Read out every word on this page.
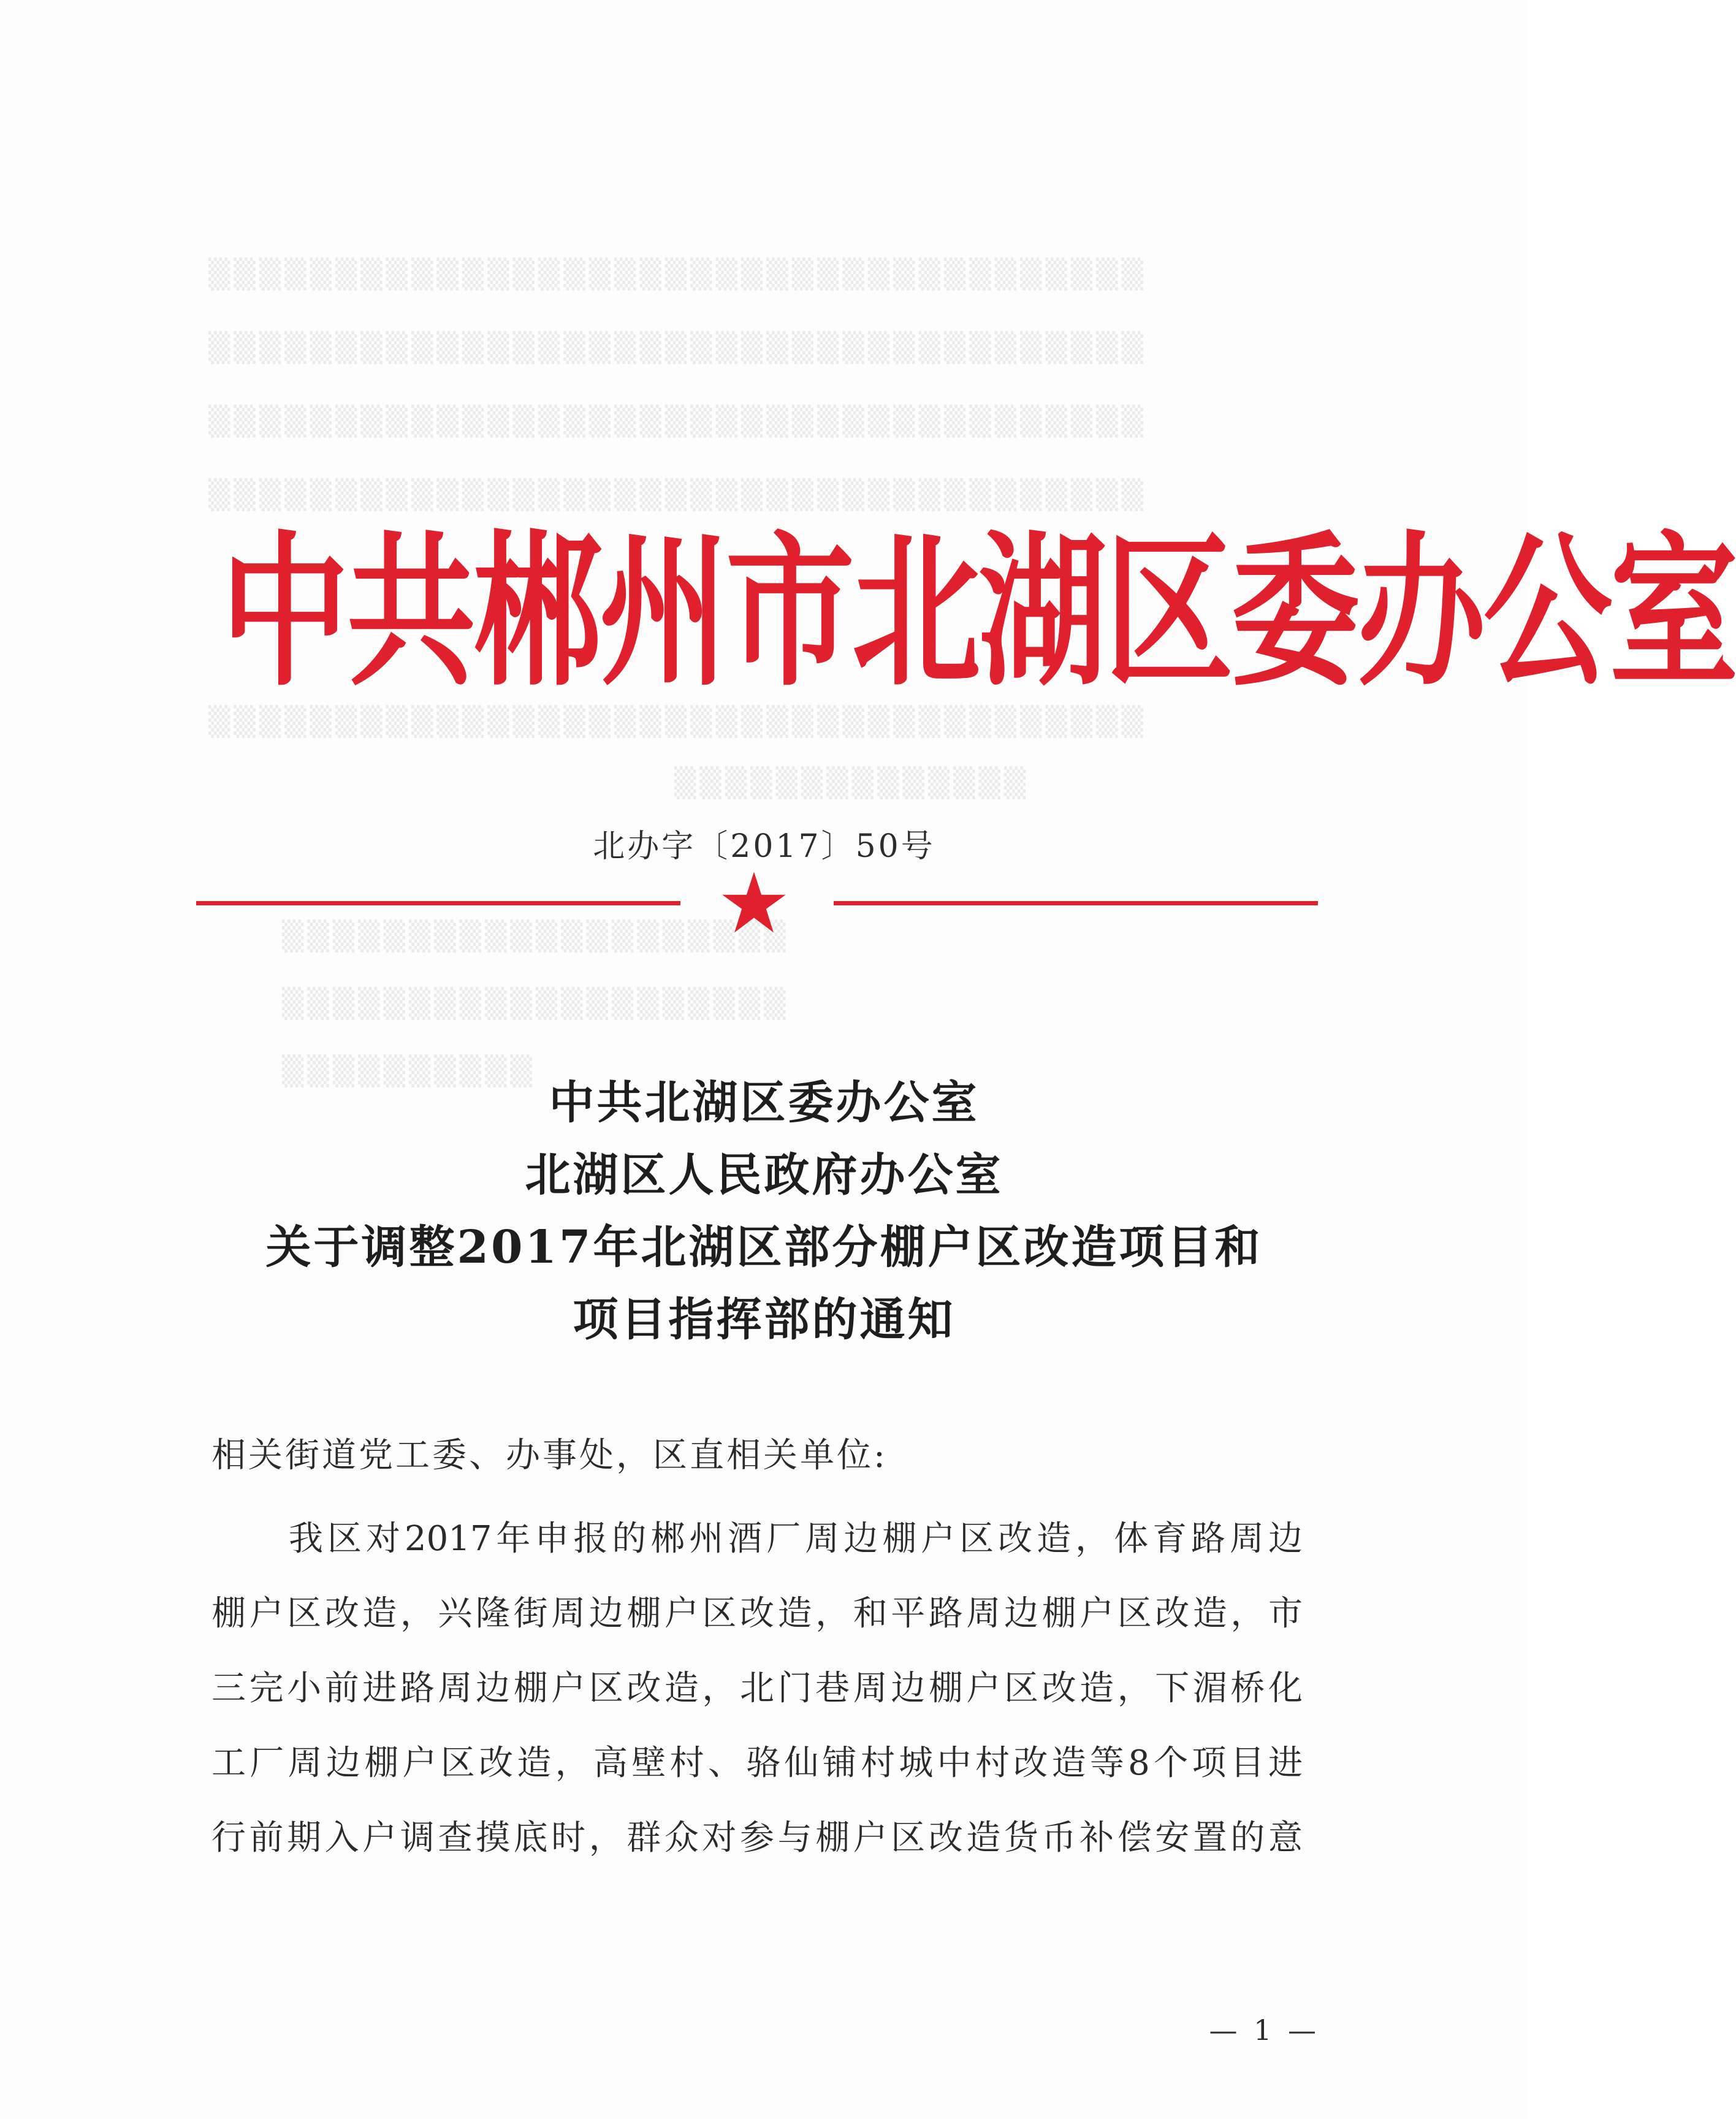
▒▒▒▒▒▒▒▒▒▒▒▒▒▒▒▒▒▒▒▒▒▒▒▒▒▒▒▒▒▒▒▒▒▒▒▒▒
▒▒▒▒▒▒▒▒▒▒▒▒▒▒▒▒▒▒▒▒▒▒▒▒▒▒▒▒▒▒▒▒▒▒▒▒▒
▒▒▒▒▒▒▒▒▒▒▒▒▒▒▒▒▒▒▒▒▒▒▒▒▒▒▒▒▒▒▒▒▒▒▒▒▒
▒▒▒▒▒▒▒▒▒▒▒▒▒▒▒▒▒▒▒▒▒▒▒▒▒▒▒▒▒▒▒▒▒▒▒▒▒
▒▒▒▒▒▒▒▒▒▒▒▒▒▒▒▒▒▒▒▒▒▒▒▒▒▒▒▒▒▒▒▒▒▒▒▒▒
▒▒▒▒▒▒▒▒▒▒▒▒▒▒
▒▒▒▒▒▒▒▒▒▒▒▒▒▒▒▒▒▒▒▒
▒▒▒▒▒▒▒▒▒▒▒▒▒▒▒▒▒▒▒▒
▒▒▒▒▒▒▒▒▒▒
中共郴州市北湖区委办公室
北办字〔2017〕50号
中共北湖区委办公室
北湖区人民政府办公室
关于调整2017年北湖区部分棚户区改造项目和
项目指挥部的通知
相关街道党工委、办事处，区直相关单位:
我区对2017年申报的郴州酒厂周边棚户区改造，体育路周边
棚户区改造，兴隆街周边棚户区改造，和平路周边棚户区改造，市
三完小前进路周边棚户区改造，北门巷周边棚户区改造，下湄桥化
工厂周边棚户区改造，高壁村、骆仙铺村城中村改造等8个项目进
行前期入户调查摸底时，群众对参与棚户区改造货币补偿安置的意
— 1 —
